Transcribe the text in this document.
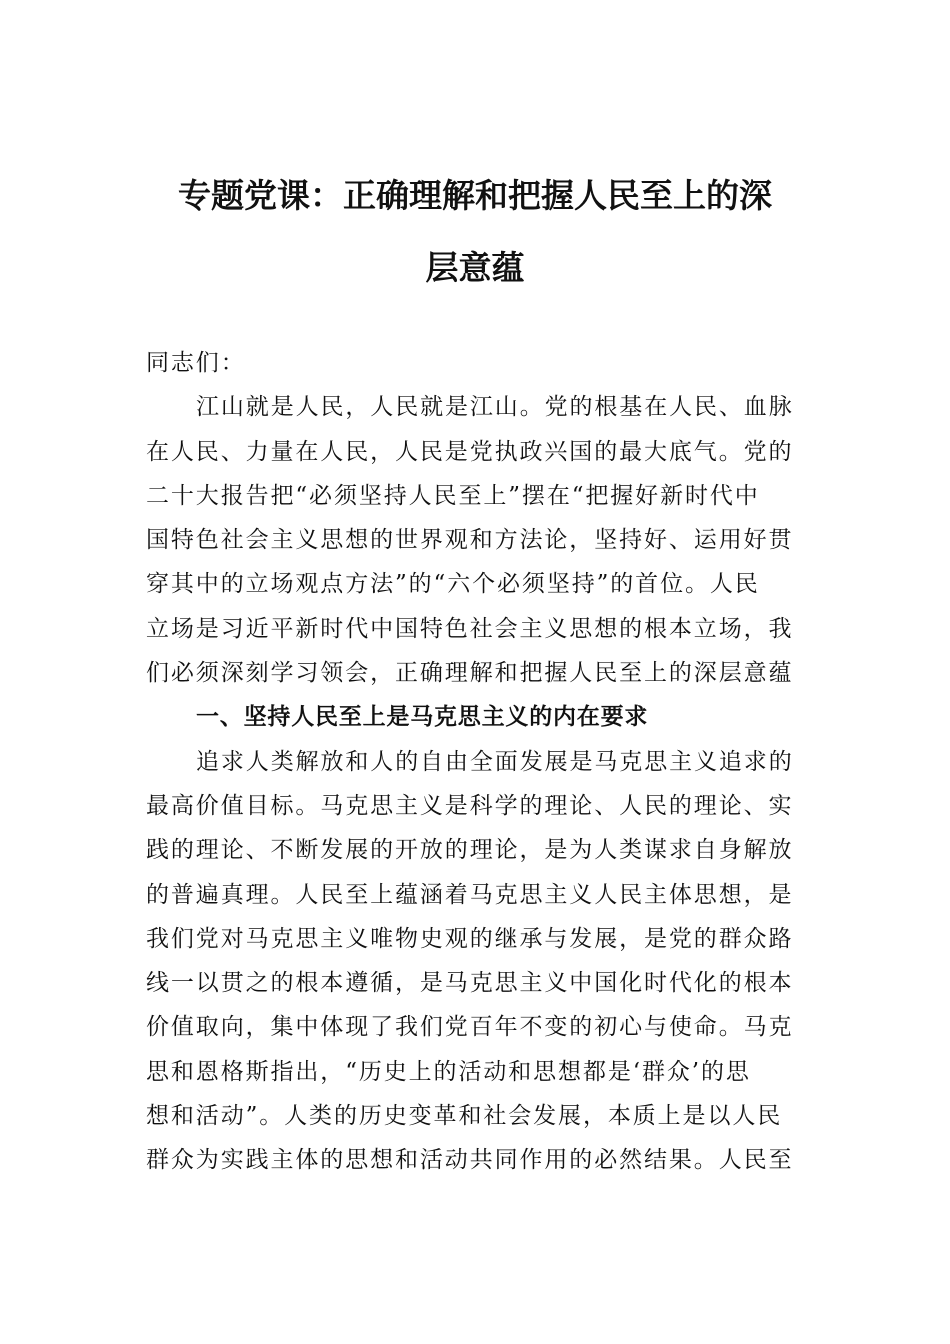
专题党课：正确理解和把握人民至上的深
层意蕴

同志们：

江山就是人民，人民就是江山。党的根基在人民、血脉
在人民、力量在人民，人民是党执政兴国的最大底气。党的
二十大报告把“必须坚持人民至上”摆在“把握好新时代中
国特色社会主义思想的世界观和方法论，坚持好、运用好贯
穿其中的立场观点方法”的“六个必须坚持”的首位。人民
立场是习近平新时代中国特色社会主义思想的根本立场，我
们必须深刻学习领会，正确理解和把握人民至上的深层意蕴
一、坚持人民至上是马克思主义的内在要求
追求人类解放和人的自由全面发展是马克思主义追求的
最高价值目标。马克思主义是科学的理论、人民的理论、实
践的理论、不断发展的开放的理论，是为人类谋求自身解放
的普遍真理。人民至上蕴涵着马克思主义人民主体思想，是
我们党对马克思主义唯物史观的继承与发展，是党的群众路
线一以贯之的根本遵循，是马克思主义中国化时代化的根本
价值取向，集中体现了我们党百年不变的初心与使命。马克
思和恩格斯指出，“历史上的活动和思想都是‘群众’的思
想和活动”。人类的历史变革和社会发展，本质上是以人民
群众为实践主体的思想和活动共同作用的必然结果。人民至
